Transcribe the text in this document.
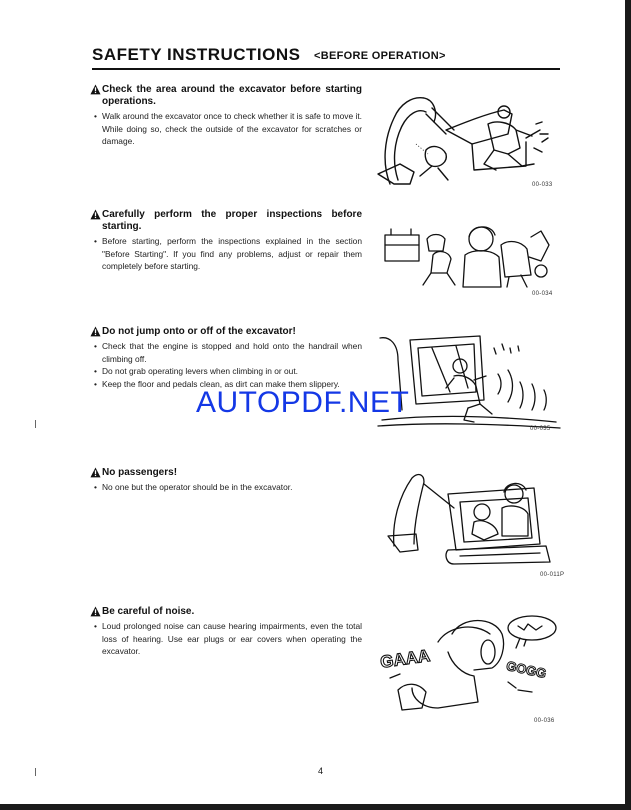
SAFETY INSTRUCTIONS <BEFORE OPERATION>
Check the area around the excavator before starting operations.
• Walk around the excavator once to check whether it is safe to move it. While doing so, check the outside of the excavator for scratches or damage.
Carefully perform the proper inspections before starting.
• Before starting, perform the inspections explained in the section "Before Starting". If you find any problems, adjust or repair them completely before starting.
Do not jump onto or off of the excavator!
• Check that the engine is stopped and hold onto the handrail when climbing off.
• Do not grab operating levers when climbing in or out.
• Keep the floor and pedals clean, as dirt can make them slippery.
No passengers!
• No one but the operator should be in the excavator.
Be careful of noise.
• Loud prolonged noise can cause hearing impairments, even the total loss of hearing. Use ear plugs or ear covers when operating the excavator.
00-033
00-034
00-035
00-011P
GAAA	GOGG
00-036
AUTOPDF.NET
4
